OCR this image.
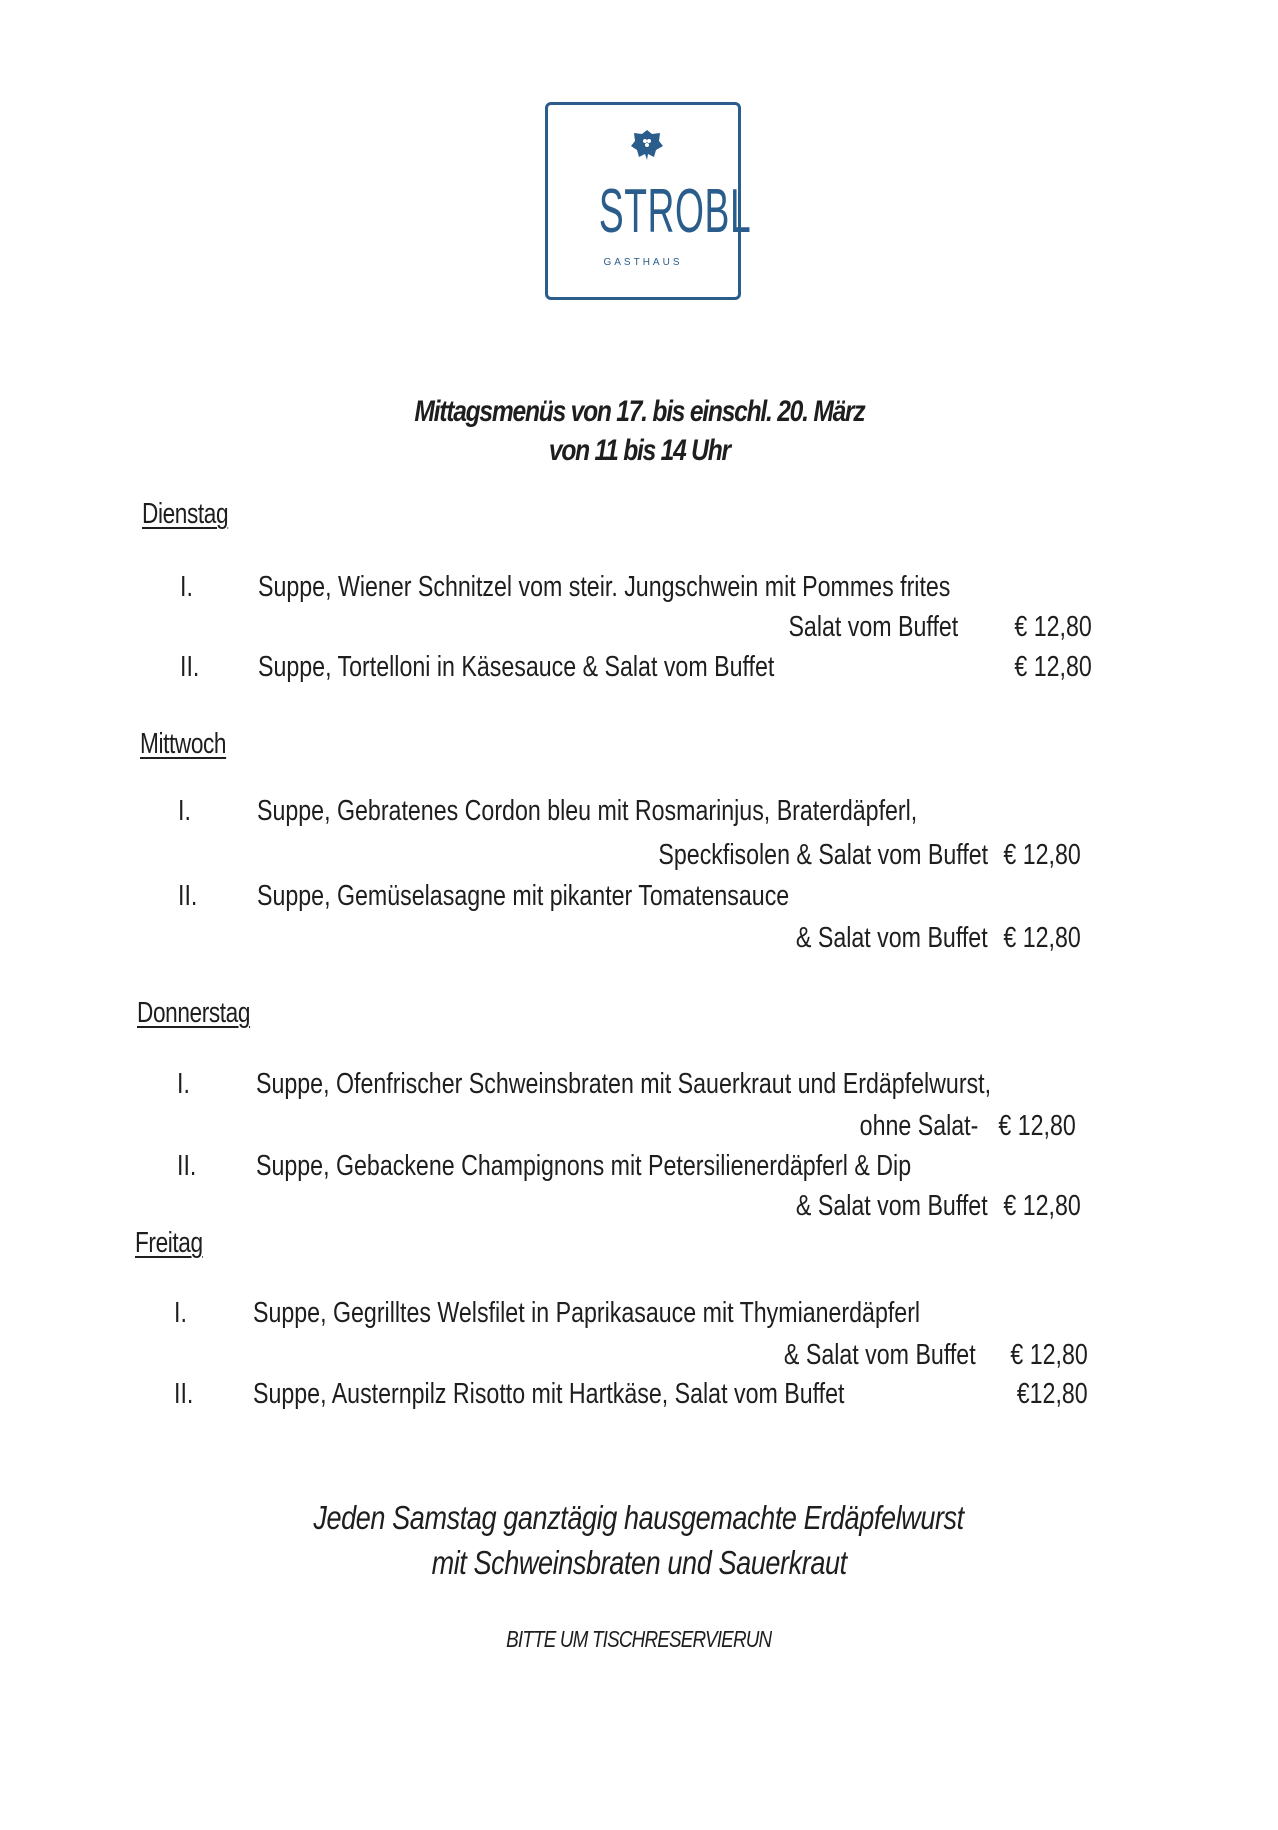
STROBL
GASTHAUS
Mittagsmenüs von 17. bis einschl. 20. März
von 11 bis 14 Uhr
Dienstag
I. Suppe, Wiener Schnitzel vom steir. Jungschwein mit Pommes frites
Salat vom Buffet	€ 12,80
II. Suppe, Tortelloni in Käsesauce & Salat vom Buffet	€ 12,80
Mittwoch
I. Suppe, Gebratenes Cordon bleu mit Rosmarinjus, Braterdäpferl,
Speckfisolen & Salat vom Buffet € 12,80
II. Suppe, Gemüselasagne mit pikanter Tomatensauce
& Salat vom Buffet € 12,80
Donnerstag
I. Suppe, Ofenfrischer Schweinsbraten mit Sauerkraut und Erdäpfelwurst,
ohne Salat- € 12,80
II. Suppe, Gebackene Champignons mit Petersilienerdäpferl & Dip
& Salat vom Buffet € 12,80
Freitag
I. Suppe, Gegrilltes Welsfilet in Paprikasauce mit Thymianerdäpferl
& Salat vom Buffet	€ 12,80
II. Suppe, Austernpilz Risotto mit Hartkäse, Salat vom Buffet	€12,80
Jeden Samstag ganztägig hausgemachte Erdäpfelwurst
mit Schweinsbraten und Sauerkraut
BITTE UM TISCHRESERVIERUN
